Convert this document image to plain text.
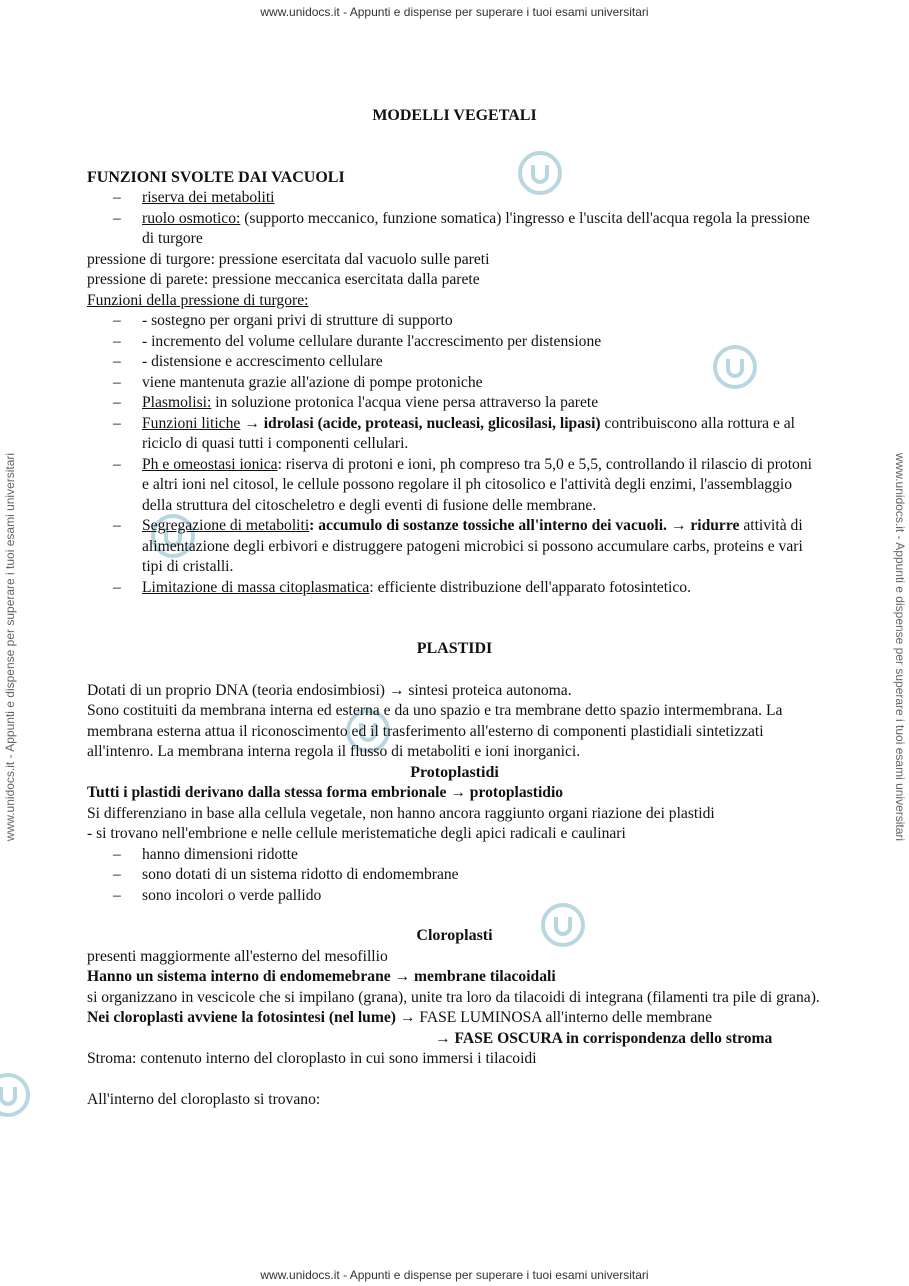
www.unidocs.it - Appunti e dispense per superare i tuoi esami universitari
www.unidocs.it - Appunti e dispense per superare i tuoi esami universitari
www.unidocs.it - Appunti e dispense per superare i tuoi esami universitari	www.unidocs.it - Appunti e dispense per superare i tuoi esami universitari

MODELLI VEGETALI

FUNZIONI SVOLTE DAI VACUOLI

– riserva dei metaboliti
– ruolo osmotico: (supporto meccanico, funzione somatica) l'ingresso e l'uscita dell'acqua regola la pressione di turgore

pressione di turgore: pressione esercitata dal vacuolo sulle pareti

pressione di parete: pressione meccanica esercitata dalla parete

Funzioni della pressione di turgore:

– - sostegno per organi privi di strutture di supporto
– - incremento del volume cellulare durante l'accrescimento per distensione
– - distensione e accrescimento cellulare
– viene mantenuta grazie all'azione di pompe protoniche
– Plasmolisi: in soluzione protonica l'acqua viene persa attraverso la parete
– Funzioni litiche → idrolasi (acide, proteasi, nucleasi, glicosilasi, lipasi) contribuiscono alla rottura e al riciclo di quasi tutti i componenti cellulari.
– Ph e omeostasi ionica: riserva di protoni e ioni, ph compreso tra 5,0 e 5,5, controllando il rilascio di protoni e altri ioni nel citosol, le cellule possono regolare il ph citosolico e l'attività degli enzimi, l'assemblaggio della struttura del citoscheletro e degli eventi di fusione delle membrane.
– Segregazione di metaboliti: accumulo di sostanze tossiche all'interno dei vacuoli. → ridurre attività di alimentazione degli erbivori e distruggere patogeni microbici si possono accumulare carbs, proteins e vari tipi di cristalli.
– Limitazione di massa citoplasmatica: efficiente distribuzione dell'apparato fotosintetico.

PLASTIDI

Dotati di un proprio DNA (teoria endosimbiosi) → sintesi proteica autonoma.

Sono costituiti da membrana interna ed esterna e da uno spazio e tra membrane detto spazio intermembrana. La membrana esterna attua il riconoscimento ed il trasferimento all'esterno di componenti plastidiali sintetizzati all'intenro. La membrana interna regola il flusso di metaboliti e ioni inorganici.

Protoplastidi

Tutti i plastidi derivano dalla stessa forma embrionale → protoplastidio

Si differenziano in base alla cellula vegetale, non hanno ancora raggiunto organi riazione dei plastidi

- si trovano nell'embrione e nelle cellule meristematiche degli apici radicali e caulinari

– hanno dimensioni ridotte
– sono dotati di un sistema ridotto di endomembrane
– sono incolori o verde pallido

Cloroplasti

presenti maggiormente all'esterno del mesofillio

Hanno un sistema interno di endomemebrane → membrane tilacoidali

si organizzano in vescicole che si impilano (grana), unite tra loro da tilacoidi di integrana (filamenti tra pile di grana).

Nei cloroplasti avviene la fotosintesi (nel lume) → FASE LUMINOSA all'interno delle membrane

→ FASE OSCURA in corrispondenza dello stroma

Stroma: contenuto interno del cloroplasto in cui sono immersi i tilacoidi

All'interno del cloroplasto si trovano:
